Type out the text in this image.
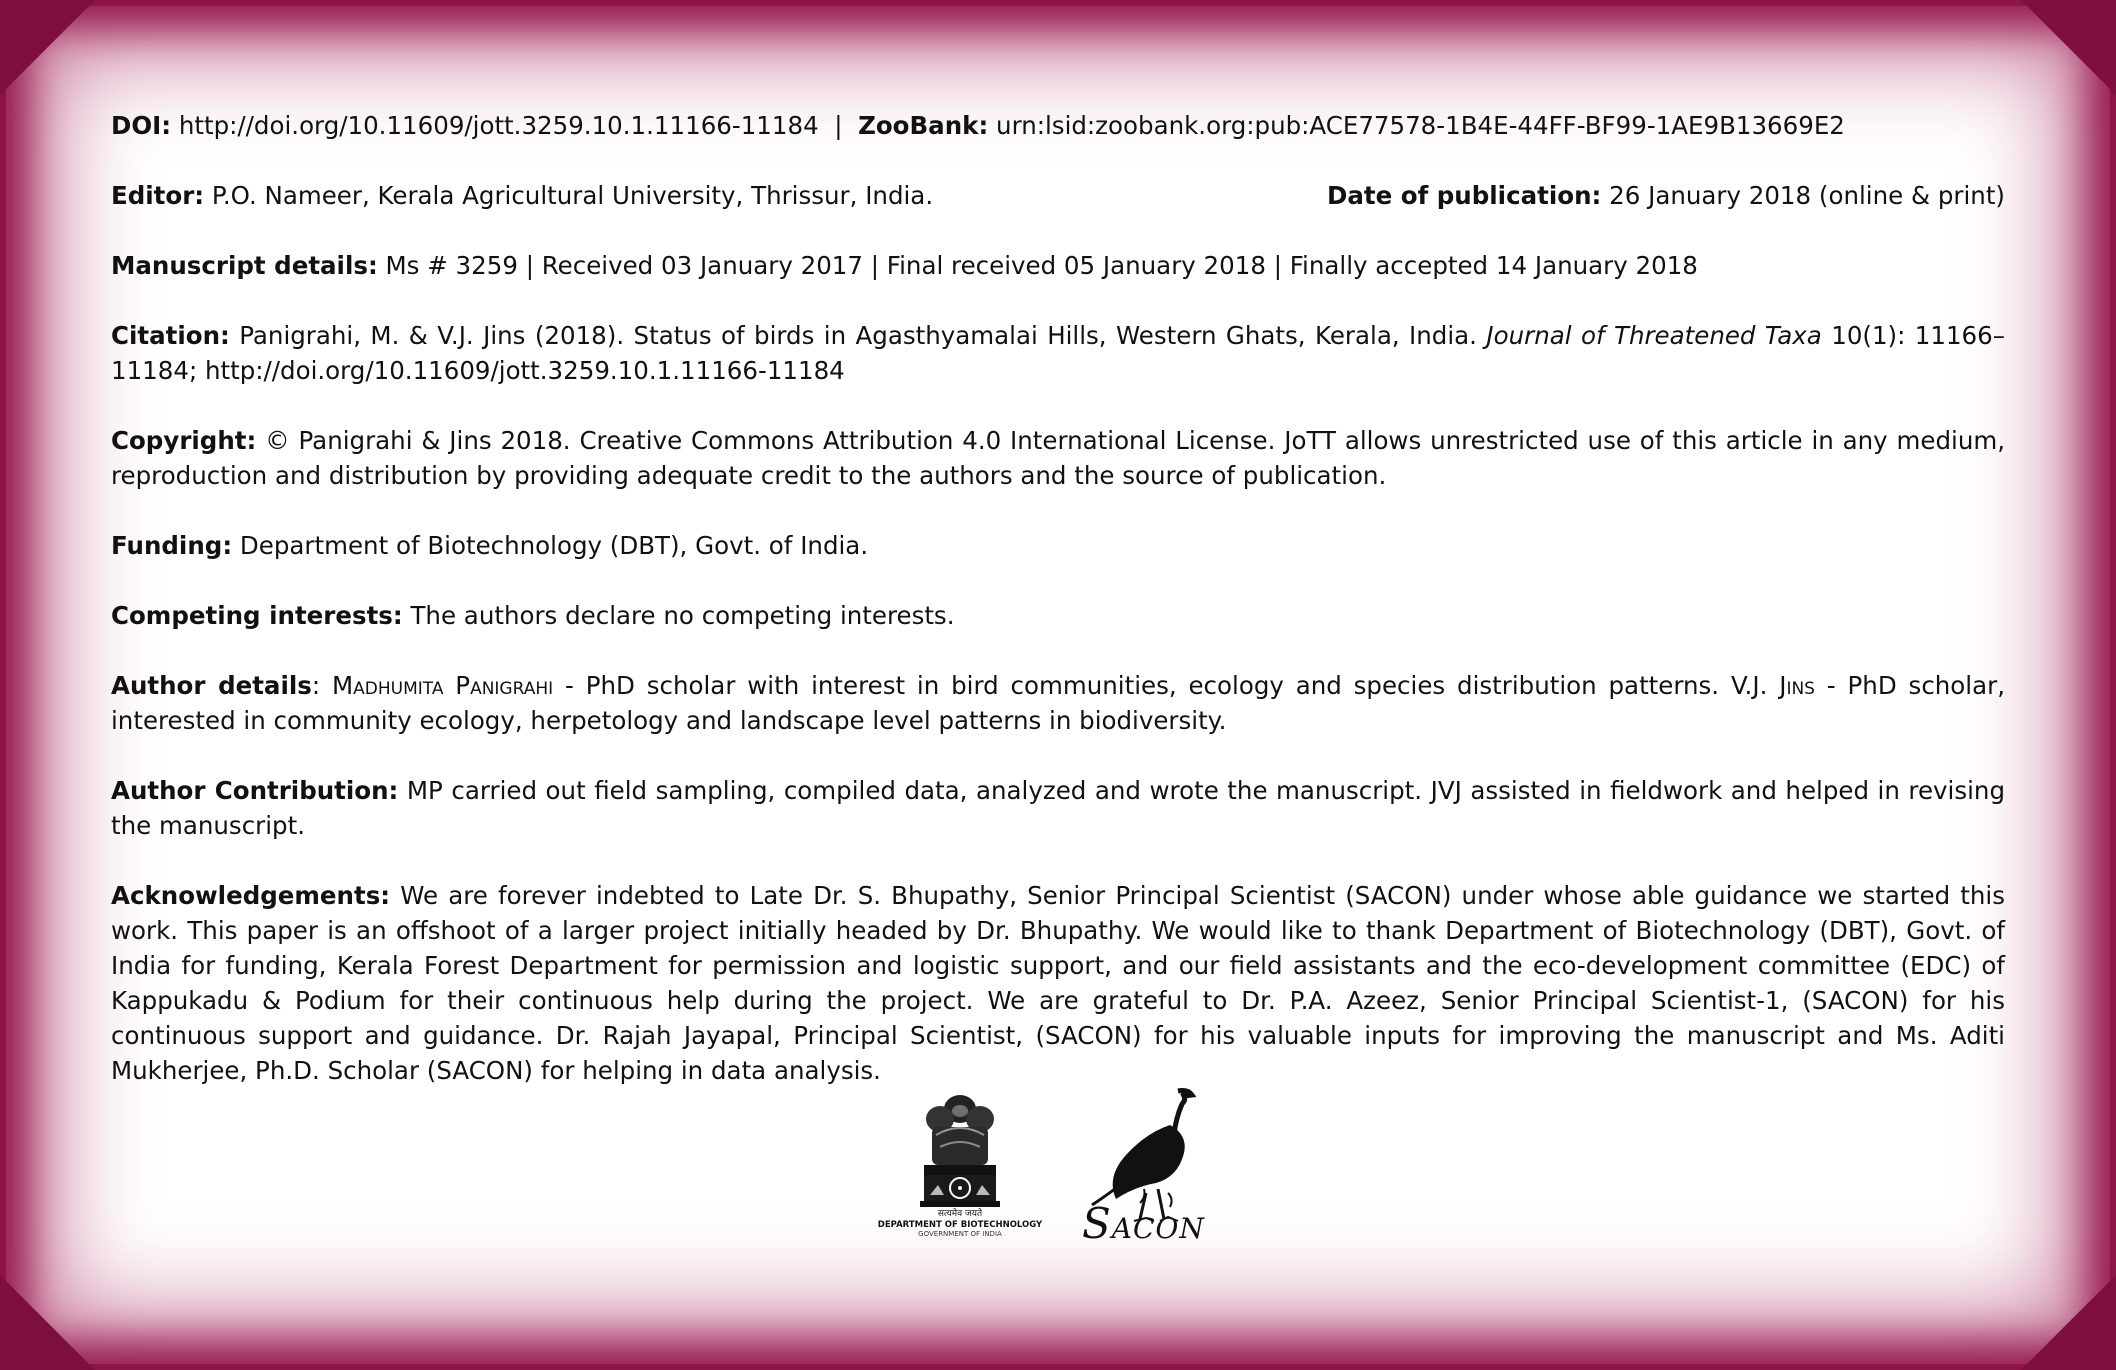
DOI: http://doi.org/10.11609/jott.3259.10.1.11166-11184 | ZooBank: urn:lsid:zoobank.org:pub:ACE77578-1B4E-44FF-BF99-1AE9B13669E2

Editor: P.O. Nameer, Kerala Agricultural University, Thrissur, India.	Date of publication: 26 January 2018 (online & print)

Manuscript details: Ms # 3259 | Received 03 January 2017 | Final received 05 January 2018 | Finally accepted 14 January 2018

Citation: Panigrahi, M. & V.J. Jins (2018). Status of birds in Agasthyamalai Hills, Western Ghats, Kerala, India. Journal of Threatened Taxa 10(1): 11166–11184; http://doi.org/10.11609/jott.3259.10.1.11166-11184

Copyright: © Panigrahi & Jins 2018. Creative Commons Attribution 4.0 International License. JoTT allows unrestricted use of this article in any medium, reproduction and distribution by providing adequate credit to the authors and the source of publication.

Funding: Department of Biotechnology (DBT), Govt. of India.

Competing interests: The authors declare no competing interests.

Author details: Madhumita Panigrahi - PhD scholar with interest in bird communities, ecology and species distribution patterns. V.J. Jins - PhD scholar, interested in community ecology, herpetology and landscape level patterns in biodiversity.

Author Contribution: MP carried out field sampling, compiled data, analyzed and wrote the manuscript. JVJ assisted in fieldwork and helped in revising the manuscript.

Acknowledgements: We are forever indebted to Late Dr. S. Bhupathy, Senior Principal Scientist (SACON) under whose able guidance we started this work. This paper is an offshoot of a larger project initially headed by Dr. Bhupathy. We would like to thank Department of Biotechnology (DBT), Govt. of India for funding, Kerala Forest Department for permission and logistic support, and our field assistants and the eco-development committee (EDC) of Kappukadu & Podium for their continuous help during the project. We are grateful to Dr. P.A. Azeez, Senior Principal Scientist-1, (SACON) for his continuous support and guidance. Dr. Rajah Jayapal, Principal Scientist, (SACON) for his valuable inputs for improving the manuscript and Ms. Aditi Mukherjee, Ph.D. Scholar (SACON) for helping in data analysis.

सत्यमेव जयते
DEPARTMENT OF BIOTECHNOLOGY
GOVERNMENT OF INDIA	SACON
